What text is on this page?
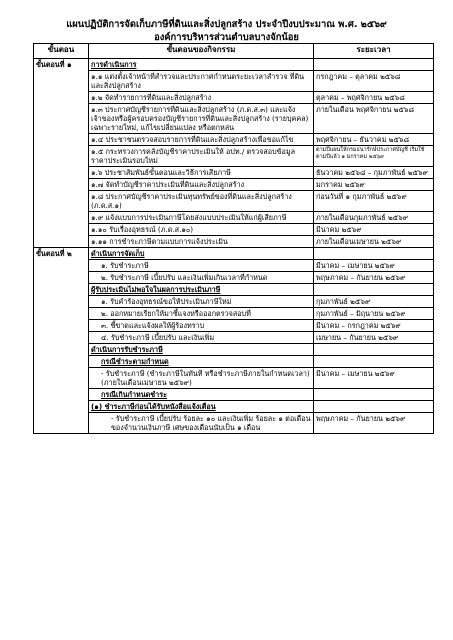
แผนปฏิบัติการจัดเก็บภาษีที่ดินและสิ่งปลูกสร้าง ประจำปีงบประมาณ พ.ศ. ๒๕๖๙
องค์การบริหารส่วนตำบลบางจักน้อย
ขั้นตอน	ขั้นตอนของกิจกรรม	ระยะเวลา
ขั้นตอนที่ ๑	การดำเนินการ	
	๑.๑ แต่งตั้งเจ้าหน้าที่สำรวจและประกาศกำหนดระยะเวลาสำรวจ ที่ดินและสิ่งปลูกสร้าง	กรกฎาคม – ตุลาคม ๒๕๖๘
	๑.๒ จัดทำรายการที่ดินและสิ่งปลูกสร้าง	ตุลาคม – พฤศจิกายน ๒๕๖๘
	๑.๓ ประกาศบัญชีรายการที่ดินและสิ่งปลูกสร้าง (ภ.ด.ส.๓) และแจ้งเจ้าของหรือผู้ครอบครองบัญชีรายการที่ดินและสิ่งปลูกสร้าง (รายบุคคล) เฉพาะรายใหม่, แก้ไขเปลี่ยนแปลง หรือตกหล่น	ภายในเดือน พฤศจิกายน ๒๕๖๘
	๑.๔ ประชาชนตรวจสอบรายการที่ดินและสิ่งปลูกสร้างเพื่อขอแก้ไข	พฤศจิกายน – ธันวาคม ๒๕๖๘
	๑.๕ กระทรวงการคลังบัญชีราคาประเมินให้ อปท./ ตรวจสอบข้อมูลราคาประเมินรอบใหม่	ตามปีแผนให้กรมธนารักษ์ประกาศบัญชี เริ่มใช้ตามปีแล้ว ๑ มกราคม ๒๕๖๙
	๑.๖ ประชาสัมพันธ์ขั้นตอนและวิธีการเสียภาษี	ธันวาคม ๒๕๖๘ – กุมภาพันธ์ ๒๕๖๙
	๑.๗ จัดทำบัญชีราคาประเมินที่ดินและสิ่งปลูกสร้าง	มกราคม ๒๕๖๙
	๑.๘ ประกาศบัญชีราคาประเมินทุนทรัพย์ของที่ดินและสิ่งปลูกสร้าง (ภ.ด.ส.๑)	ก่อนวันที่ ๑ กุมภาพันธ์ ๒๕๖๙
	๑.๙ แจ้งแบบการประเมินภาษีโดยส่งแบบประเมินให้แก่ผู้เสียภาษี	ภายในเดือนกุมภาพันธ์ ๒๕๖๙
	๑.๑๐ รับเรื่องอุทธรณ์ (ภ.ด.ส.๑๐)	มีนาคม ๒๕๖๙
	๑.๑๑ การชำระภาษีตามแบบการแจ้งประเมิน	ภายในเดือนเมษายน ๒๕๖๙
ขั้นตอนที่ ๒	ดำเนินการจัดเก็บ	
	๑. รับชำระภาษี	มีนาคม – เมษายน ๒๕๖๙
	๒. รับชำระภาษี เบี้ยปรับ และเงินเพิ่มเกินเวลาที่กำหนด	พฤษภาคม – กันยายน ๒๕๖๙
	ผู้รับประเมินไม่พอใจในผลการประเมินภาษี	
	๑. รับคำร้องอุทธรณ์ขอให้ประเมินภาษีใหม่	กุมภาพันธ์ ๒๕๖๙
	๒. ออกหมายเรียกให้มาชี้แจงหรือออกตรวจสอบที่	กุมภาพันธ์ – มิถุนายน ๒๕๖๙
	๓. ชี้ขาดและแจ้งผลให้ผู้ร้องทราบ	มีนาคม – กรกฎาคม ๒๕๖๙
	๔. รับชำระภาษี เบี้ยปรับ และเงินเพิ่ม	เมษายน – กันยายน ๒๕๖๙
	ดำเนินการรับชำระภาษี	
	กรณีชำระตามกำหนด	
	- รับชำระภาษี (ชำระภาษีในทันที หรือชำระภาษีภายในกำหนดเวลา) (ภายในเดือนเมษายน ๒๕๖๙)	มีนาคม – เมษายน ๒๕๖๙
	กรณีเกินกำหนดชำระ	
	(๑) ชำระภาษีก่อนได้รับหนังสือแจ้งเตือน	
	- รับชำระภาษี เบี้ยปรับ ร้อยละ ๑๐ และเงินเพิ่ม ร้อยละ ๑ ต่อเดือน ของจำนวนเงินภาษี เศษของเดือนนับเป็น ๑ เดือน	พฤษภาคม – กันยายน ๒๕๖๙
